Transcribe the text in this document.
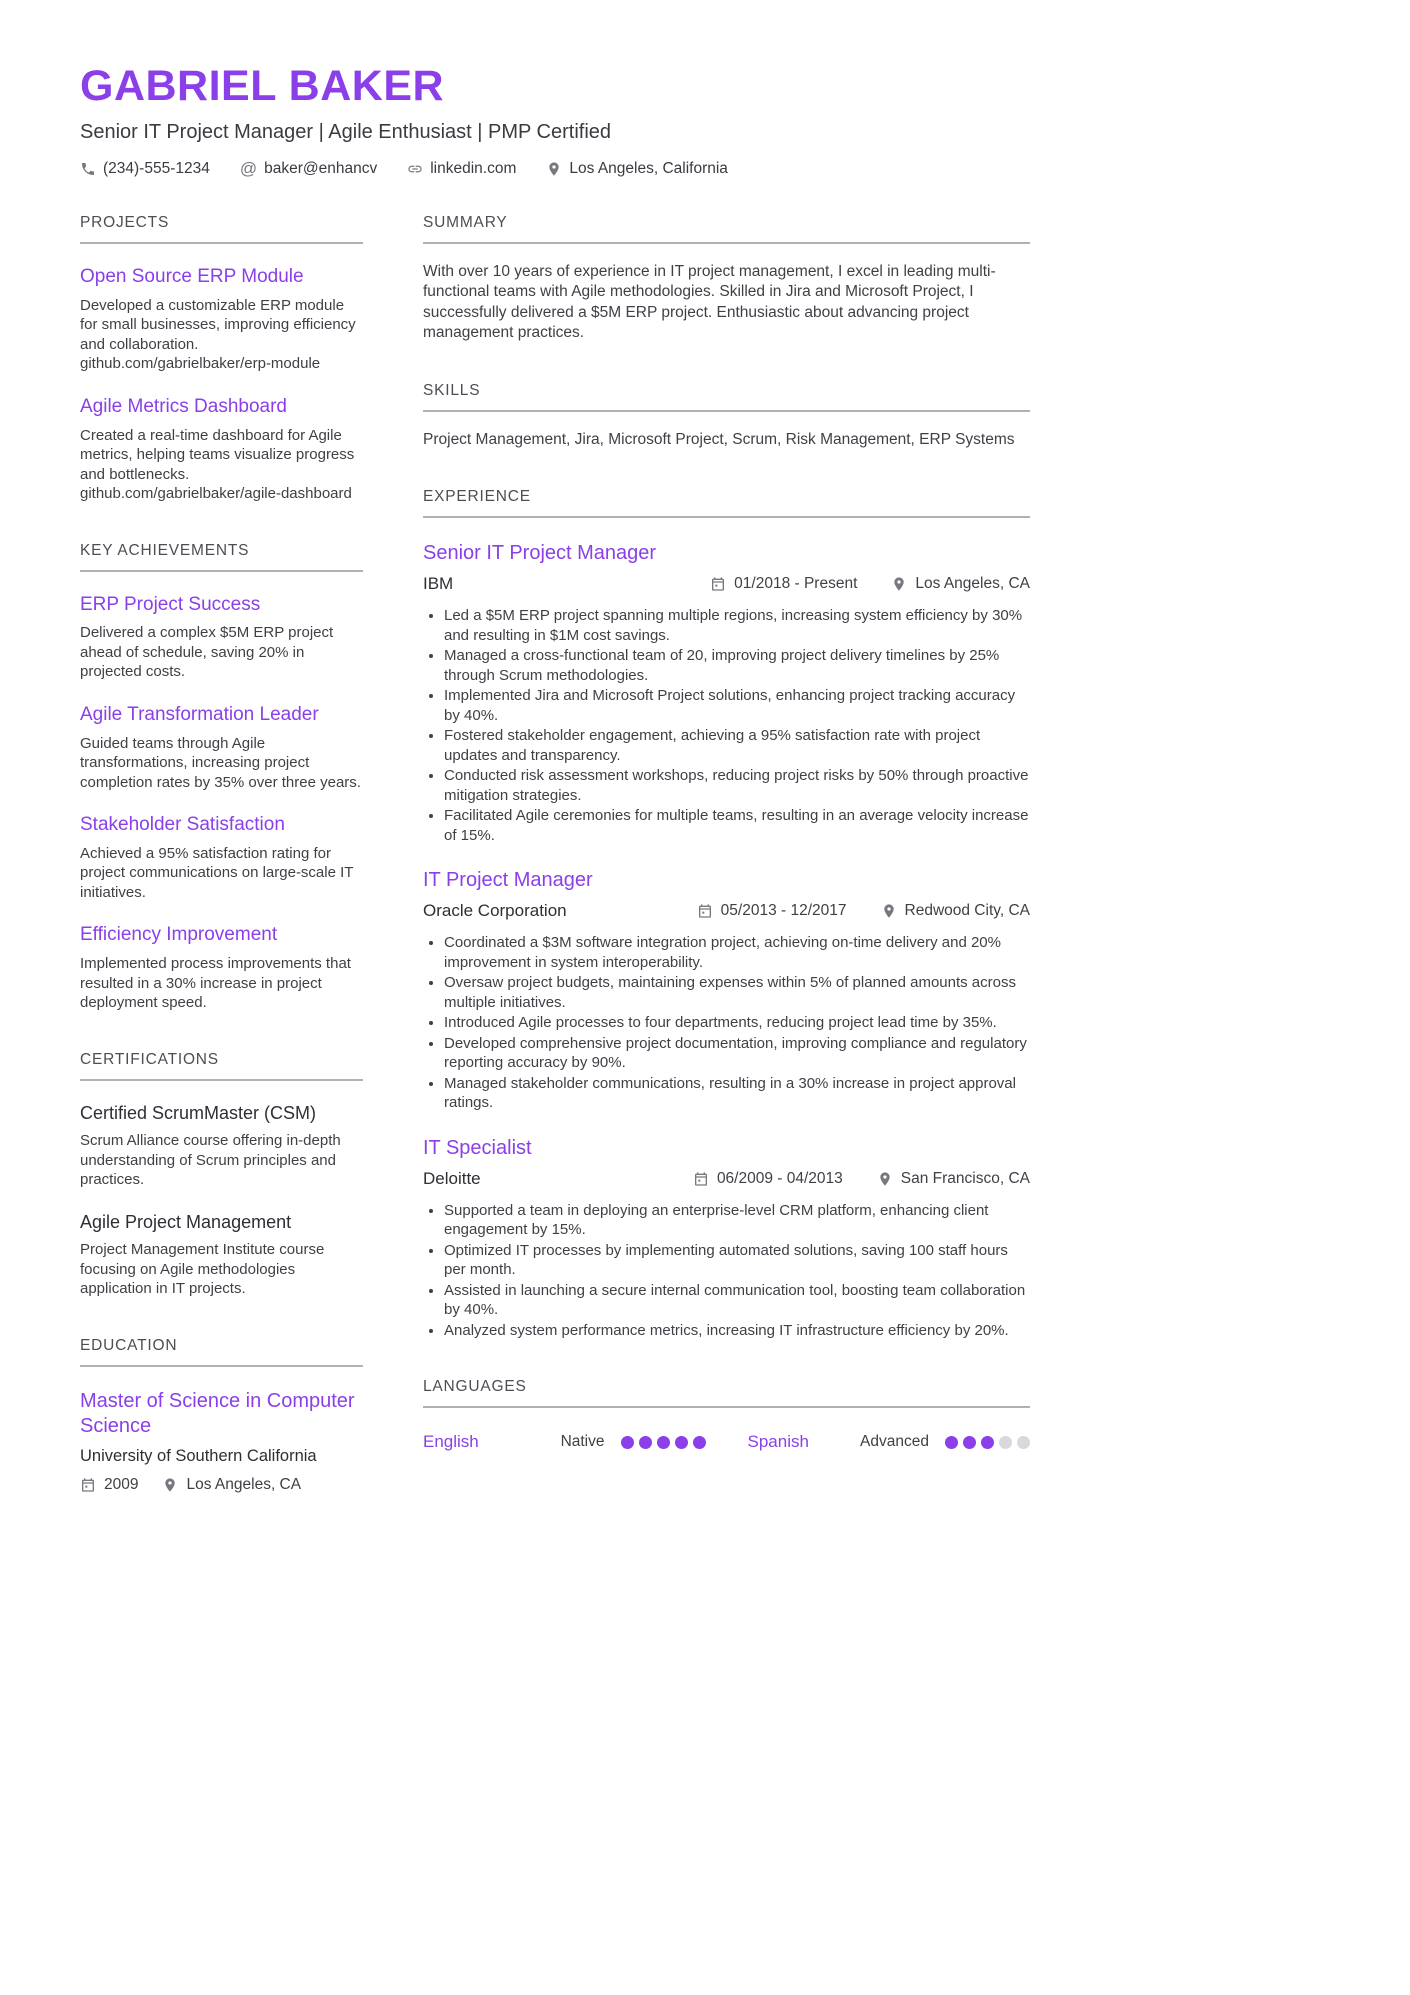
GABRIEL BAKER

Senior IT Project Manager | Agile Enthusiast | PMP Certified

(234)-555-1234 @ baker@enhancv	linkedin.com	Los Angeles, California
PROJECTS
Open Source ERP Module

Developed a customizable ERP module for small businesses, improving efficiency and collaboration.

github.com/gabrielbaker/erp-module

Agile Metrics Dashboard

Created a real-time dashboard for Agile metrics, helping teams visualize progress and bottlenecks.

github.com/gabrielbaker/agile-dashboard

KEY ACHIEVEMENTS
ERP Project Success

Delivered a complex $5M ERP project ahead of schedule, saving 20% in projected costs.

Agile Transformation Leader

Guided teams through Agile transformations, increasing project completion rates by 35% over three years.

Stakeholder Satisfaction

Achieved a 95% satisfaction rating for project communications on large-scale IT initiatives.

Efficiency Improvement

Implemented process improvements that resulted in a 30% increase in project deployment speed.

CERTIFICATIONS
Certified ScrumMaster (CSM)

Scrum Alliance course offering in-depth understanding of Scrum principles and practices.

Agile Project Management

Project Management Institute course focusing on Agile methodologies application in IT projects.

EDUCATION
Master of Science in Computer Science

University of Southern California

2009	Los Angeles, CA
SUMMARY

With over 10 years of experience in IT project management, I excel in leading multi-functional teams with Agile methodologies. Skilled in Jira and Microsoft Project, I successfully delivered a $5M ERP project. Enthusiastic about advancing project management practices.

SKILLS

Project Management, Jira, Microsoft Project, Scrum, Risk Management, ERP Systems

EXPERIENCE
Senior IT Project Manager
IBM	01/2018 - Present	Los Angeles, CA
• Led a $5M ERP project spanning multiple regions, increasing system efficiency by 30% and resulting in $1M cost savings.
• Managed a cross-functional team of 20, improving project delivery timelines by 25% through Scrum methodologies.
• Implemented Jira and Microsoft Project solutions, enhancing project tracking accuracy by 40%.
• Fostered stakeholder engagement, achieving a 95% satisfaction rate with project updates and transparency.
• Conducted risk assessment workshops, reducing project risks by 50% through proactive mitigation strategies.
• Facilitated Agile ceremonies for multiple teams, resulting in an average velocity increase of 15%.
IT Project Manager
Oracle Corporation	05/2013 - 12/2017	Redwood City, CA
• Coordinated a $3M software integration project, achieving on-time delivery and 20% improvement in system interoperability.
• Oversaw project budgets, maintaining expenses within 5% of planned amounts across multiple initiatives.
• Introduced Agile processes to four departments, reducing project lead time by 35%.
• Developed comprehensive project documentation, improving compliance and regulatory reporting accuracy by 90%.
• Managed stakeholder communications, resulting in a 30% increase in project approval ratings.
IT Specialist
Deloitte	06/2009 - 04/2013	San Francisco, CA
• Supported a team in deploying an enterprise-level CRM platform, enhancing client engagement by 15%.
• Optimized IT processes by implementing automated solutions, saving 100 staff hours per month.
• Assisted in launching a secure internal communication tool, boosting team collaboration by 40%.
• Analyzed system performance metrics, increasing IT infrastructure efficiency by 20%.
LANGUAGES
English	Native	Spanish	Advanced
